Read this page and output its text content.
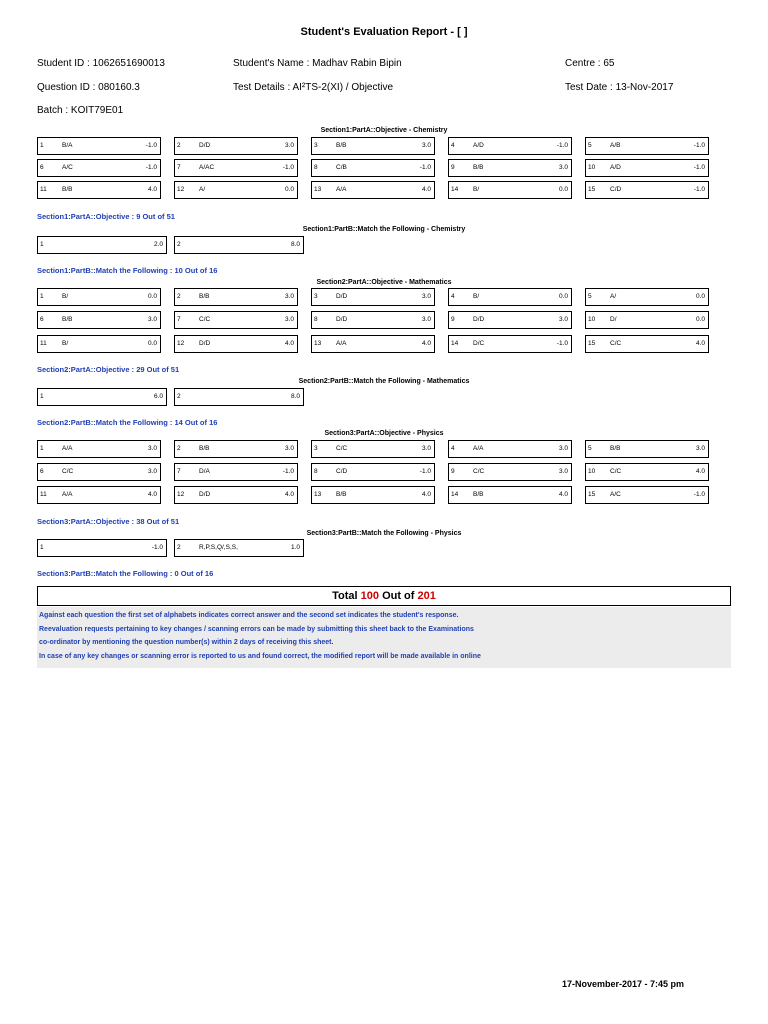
Student's Evaluation Report - [ ]
Student ID : 1062651690013	Student's Name : Madhav Rabin Bipin	Centre : 65
Question ID : 080160.3	Test Details : AI²TS-2(XI) / Objective	Test Date : 13-Nov-2017
Batch : KOIT79E01
Section1:PartA::Objective - Chemistry
1	B/A	-1.0	2	D/D	3.0	3	B/B	3.0	4	A/D	-1.0	5	A/B	-1.0
6	A/C	-1.0	7	A/AC	-1.0	8	C/B	-1.0	9	B/B	3.0	10 A/D	-1.0
11 B/B	4.0	12 A/	0.0	13 A/A	4.0	14 B/	0.0	15 C/D	-1.0
Section1:PartA::Objective : 9 Out of 51
Section1:PartB::Match the Following - Chemistry
1	2.0 2	8.0
Section1:PartB::Match the Following : 10 Out of 16
Section2:PartA::Objective - Mathematics
1	B/	0.0	2	B/B	3.0	3	D/D	3.0	4	B/	0.0	5	A/	0.0
6	B/B	3.0	7	C/C	3.0	8	D/D	3.0	9	D/D	3.0	10 D/	0.0
11 B/	0.0	12 D/D	4.0	13 A/A	4.0	14 D/C	-1.0	15 C/C	4.0
Section2:PartA::Objective : 29 Out of 51
Section2:PartB::Match the Following - Mathematics
1	6.0 2	8.0
Section2:PartB::Match the Following : 14 Out of 16
Section3:PartA::Objective - Physics
1	A/A	3.0	2	B/B	3.0	3	C/C	3.0	4	A/A	3.0	5	B/B	3.0
6	C/C	3.0	7	D/A	-1.0	8	C/D	-1.0	9	C/C	3.0	10 C/C	4.0
11 A/A	4.0	12 D/D	4.0	13 B/B	4.0	14 B/B	4.0	15 A/C	-1.0
Section3:PartA::Objective : 38 Out of 51
Section3:PartB::Match the Following - Physics
1	-1.0 2	R,P,S,Q/,S,S,	1.0
Section3:PartB::Match the Following : 0 Out of 16
Total 100 Out of 201
Against each question the first set of alphabets indicates correct answer and the second set indicates the student's response.
Reevaluation requests pertaining to key changes / scanning errors can be made by submitting this sheet back to the Examinations
co-ordinator by mentioning the question number(s) within 2 days of receiving this sheet.
In case of any key changes or scanning error is reported to us and found correct, the modified report will be made available in online
17-November-2017 - 7:45 pm
